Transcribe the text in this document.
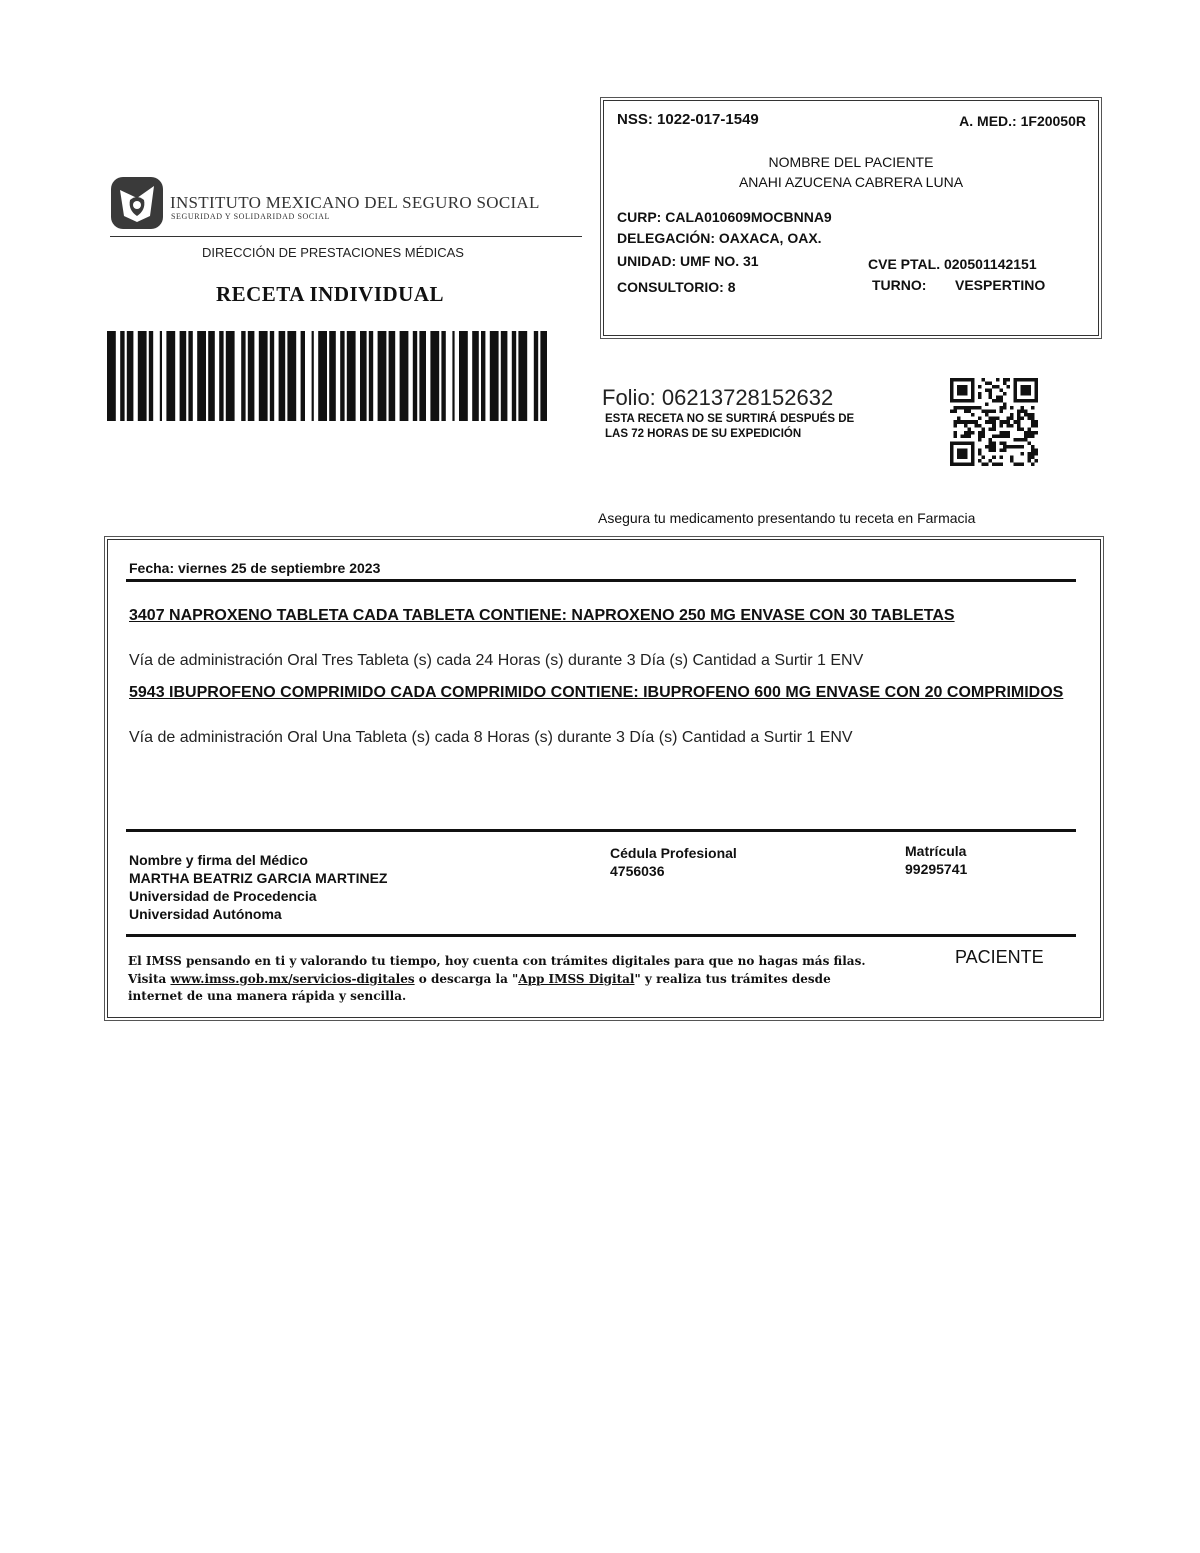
INSTITUTO MEXICANO DEL SEGURO SOCIAL
SEGURIDAD Y SOLIDARIDAD SOCIAL
DIRECCIÓN DE PRESTACIONES MÉDICAS
RECETA INDIVIDUAL
NSS: 1022-017-1549	A. MED.: 1F20050R
NOMBRE DEL PACIENTE
ANAHI AZUCENA CABRERA LUNA
CURP: CALA010609MOCBNNA9
DELEGACIÓN: OAXACA, OAX.
UNIDAD: UMF NO. 31	CVE PTAL. 020501142151
CONSULTORIO: 8	TURNO: VESPERTINO
Folio: 06213728152632
ESTA RECETA NO SE SURTIRÁ DESPUÉS DE
LAS 72 HORAS DE SU EXPEDICIÓN
Asegura tu medicamento presentando tu receta en Farmacia
Fecha: viernes 25 de septiembre 2023
3407 NAPROXENO TABLETA CADA TABLETA CONTIENE: NAPROXENO 250 MG ENVASE CON 30 TABLETAS
Vía de administración Oral Tres Tableta (s) cada 24 Horas (s) durante 3 Día (s) Cantidad a Surtir 1 ENV
5943 IBUPROFENO COMPRIMIDO CADA COMPRIMIDO CONTIENE: IBUPROFENO 600 MG ENVASE CON 20 COMPRIMIDOS
Vía de administración Oral Una Tableta (s) cada 8 Horas (s) durante 3 Día (s) Cantidad a Surtir 1 ENV
Nombre y firma del Médico
MARTHA BEATRIZ GARCIA MARTINEZ
Universidad de Procedencia
Universidad Autónoma
Cédula Profesional
4756036
Matrícula
99295741
El IMSS pensando en ti y valorando tu tiempo, hoy cuenta con trámites digitales para que no hagas más filas.
Visita www.imss.gob.mx/servicios-digitales o descarga la "App IMSS Digital" y realiza tus trámites desde
internet de una manera rápida y sencilla.
PACIENTE
